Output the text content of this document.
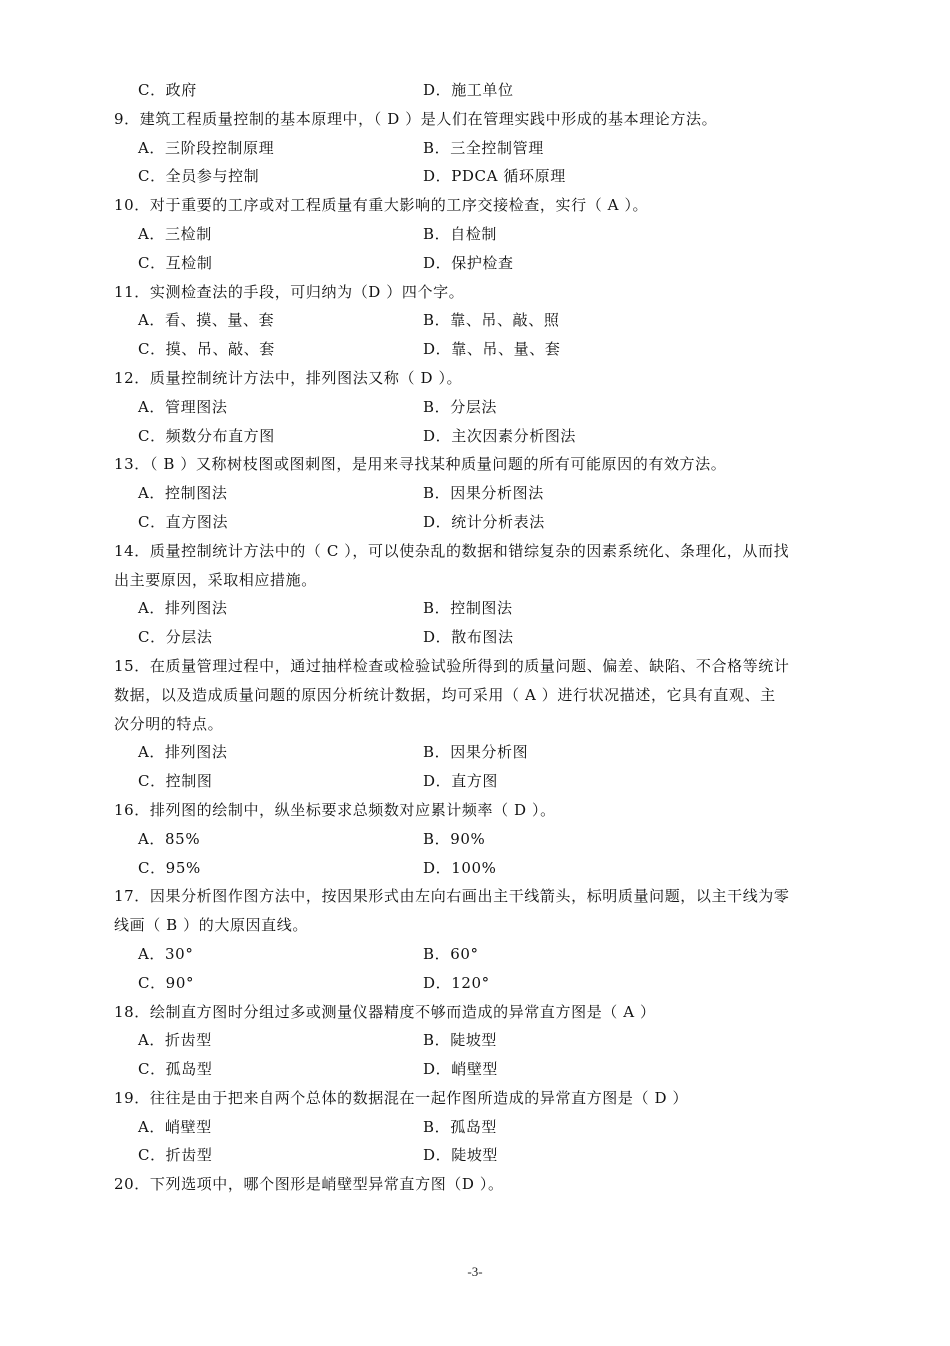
C．政府	D．施工单位
9．建筑工程质量控制的基本原理中，（ D ）是人们在管理实践中形成的基本理论方法。
A．三阶段控制原理	B．三全控制管理
C．全员参与控制	D．PDCA 循环原理
10．对于重要的工序或对工程质量有重大影响的工序交接检查，实行（ A ）。
A．三检制	B．自检制
C．互检制	D．保护检查
11．实测检查法的手段，可归纳为（D ）四个字。
A．看、摸、量、套	B．靠、吊、敲、照
C．摸、吊、敲、套	D．靠、吊、量、套
12．质量控制统计方法中，排列图法又称（ D ）。
A．管理图法	B．分层法
C．频数分布直方图	D．主次因素分析图法
13．（ B ）又称树枝图或图刺图，是用来寻找某种质量问题的所有可能原因的有效方法。
A．控制图法	B．因果分析图法
C．直方图法	D．统计分析表法
14．质量控制统计方法中的（ C ），可以使杂乱的数据和错综复杂的因素系统化、条理化，从而找
出主要原因，采取相应措施。
A．排列图法	B．控制图法
C．分层法	D．散布图法
15．在质量管理过程中，通过抽样检查或检验试验所得到的质量问题、偏差、缺陷、不合格等统计
数据，以及造成质量问题的原因分析统计数据，均可采用（ A ）进行状况描述，它具有直观、主
次分明的特点。
A．排列图法	B．因果分析图
C．控制图	D．直方图
16．排列图的绘制中，纵坐标要求总频数对应累计频率（ D ）。
A．85%	B．90%
C．95%	D．100%
17．因果分析图作图方法中，按因果形式由左向右画出主干线箭头，标明质量问题，以主干线为零
线画（ B ）的大原因直线。
A．30°	B．60°
C．90°	D．120°
18．绘制直方图时分组过多或测量仪器精度不够而造成的异常直方图是（ A ）
A．折齿型	B．陡坡型
C．孤岛型	D．峭壁型
19．往往是由于把来自两个总体的数据混在一起作图所造成的异常直方图是（ D ）
A．峭壁型	B．孤岛型
C．折齿型	D．陡坡型
20．下列选项中，哪个图形是峭壁型异常直方图（D ）。
-3-
